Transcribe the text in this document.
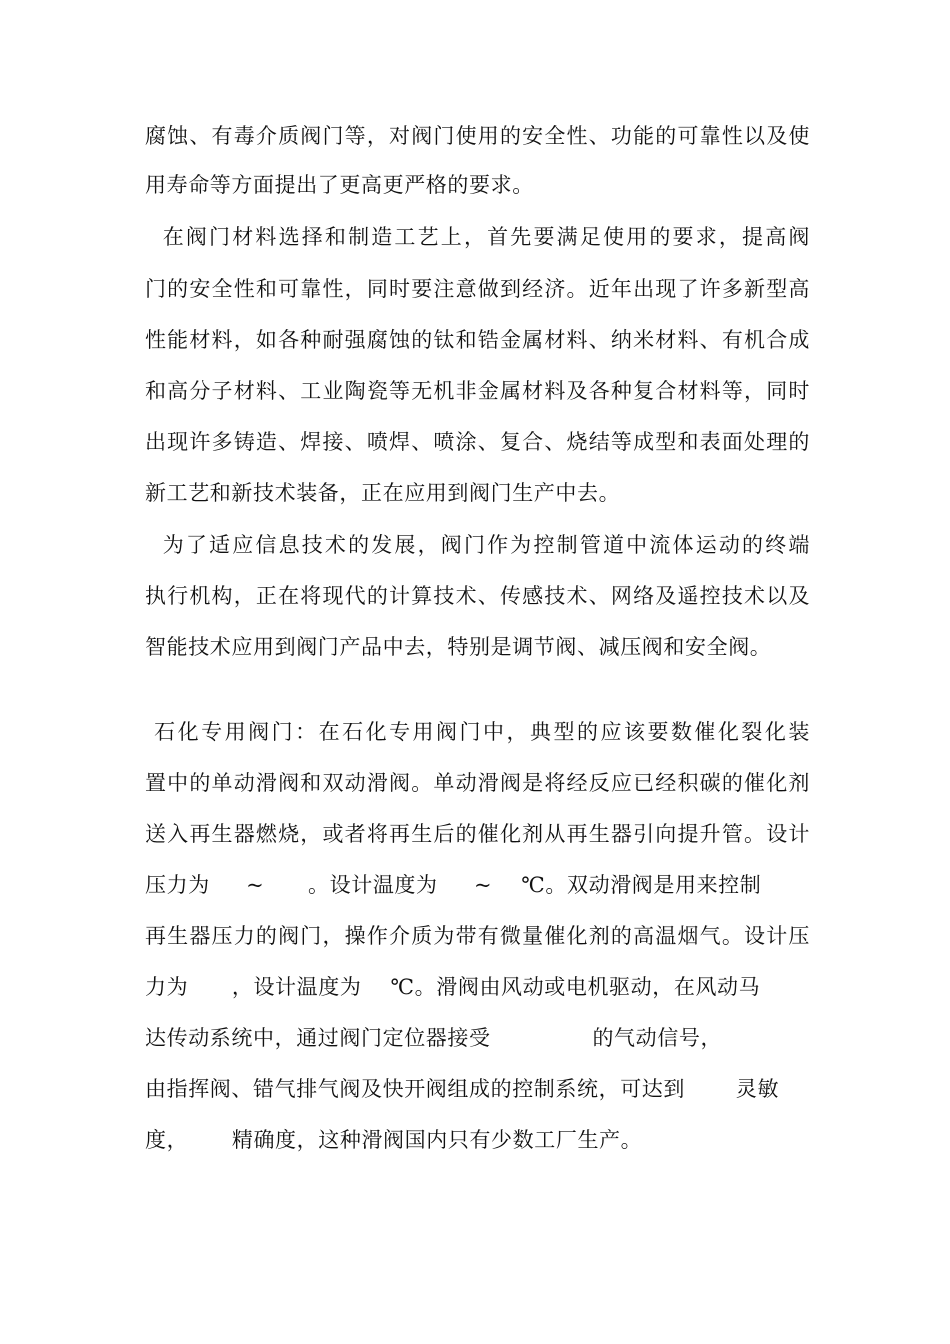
腐蚀、有毒介质阀门等，对阀门使用的安全性、功能的可靠性以及使
用寿命等方面提出了更高更严格的要求。
在阀门材料选择和制造工艺上，首先要满足使用的要求，提高阀
门的安全性和可靠性，同时要注意做到经济。近年出现了许多新型高
性能材料，如各种耐强腐蚀的钛和锆金属材料、纳米材料、有机合成
和高分子材料、工业陶瓷等无机非金属材料及各种复合材料等，同时
出现许多铸造、焊接、喷焊、喷涂、复合、烧结等成型和表面处理的
新工艺和新技术装备，正在应用到阀门生产中去。
为了适应信息技术的发展，阀门作为控制管道中流体运动的终端
执行机构，正在将现代的计算技术、传感技术、网络及遥控技术以及
智能技术应用到阀门产品中去，特别是调节阀、减压阀和安全阀。
石化专用阀门：在石化专用阀门中，典型的应该要数催化裂化装
置中的单动滑阀和双动滑阀。单动滑阀是将经反应已经积碳的催化剂
送入再生器燃烧，或者将再生后的催化剂从再生器引向提升管。设计
压力为     ~      。设计温度为     ~    ℃。双动滑阀是用来控制
再生器压力的阀门，操作介质为带有微量催化剂的高温烟气。设计压
力为      ，设计温度为    ℃。滑阀由风动或电机驱动，在风动马
达传动系统中，通过阀门定位器接受              的气动信号，
由指挥阀、错气排气阀及快开阀组成的控制系统，可达到       灵敏
度，      精确度，这种滑阀国内只有少数工厂生产。
